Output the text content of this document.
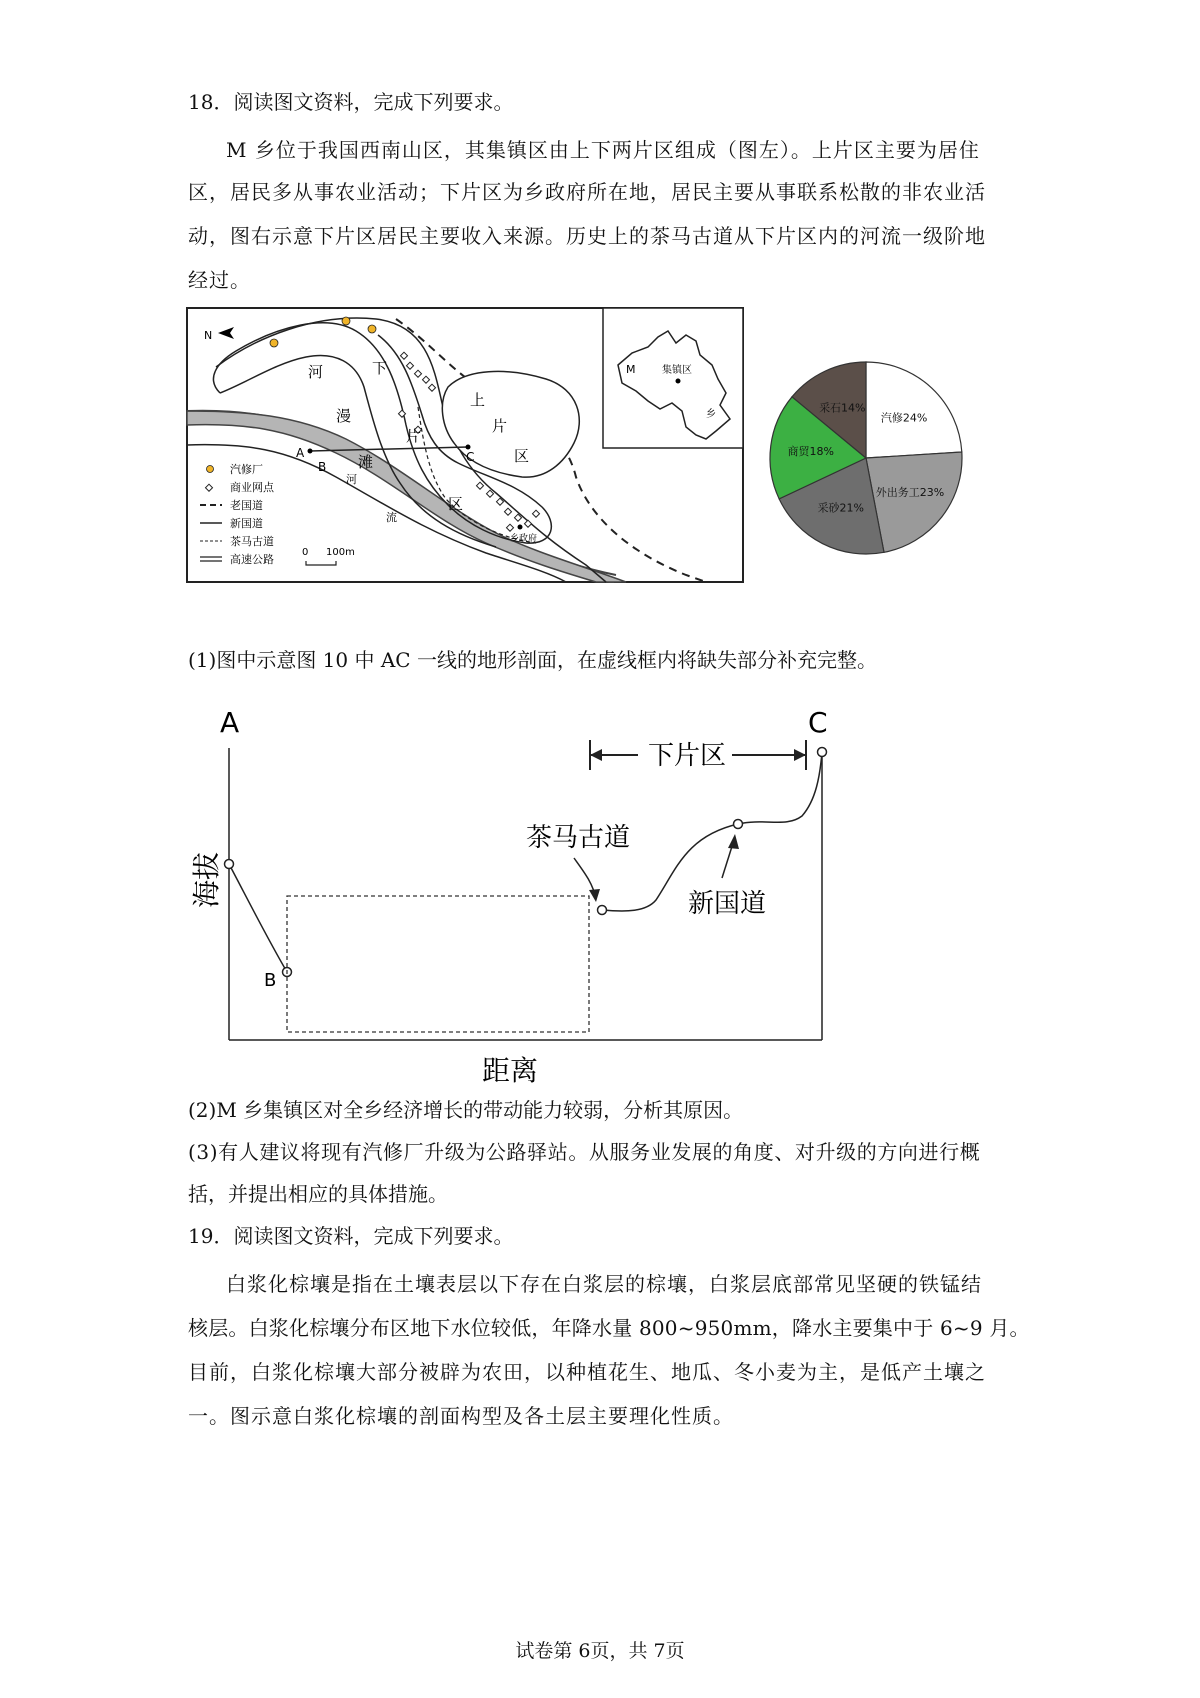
18．阅读图文资料，完成下列要求。
M 乡位于我国西南山区，其集镇区由上下两片区组成（图左）。上片区主要为居住
区，居民多从事农业活动；下片区为乡政府所在地，居民主要从事联系松散的非农业活
动，图右示意下片区居民主要收入来源。历史上的茶马古道从下片区内的河流一级阶地
经过。
M	集镇区
乡
乡政府
N
河
漫
滩
下
片
区
上
片
区
河
流
A
B
C
汽修厂
商业网点
老国道
新国道
茶马古道
高速公路
0 100m
汽修24%
外出务工23%
采砂21%
商贸18%
采石14%
(1)图中示意图 10 中 AC 一线的地形剖面，在虚线框内将缺失部分补充完整。
A	C
海拔
距离
B
下片区
茶马古道
新国道
(2)M 乡集镇区对全乡经济增长的带动能力较弱，分析其原因。
(3)有人建议将现有汽修厂升级为公路驿站。从服务业发展的角度、对升级的方向进行概
括，并提出相应的具体措施。
19．阅读图文资料，完成下列要求。
白浆化棕壤是指在土壤表层以下存在白浆层的棕壤，白浆层底部常见坚硬的铁锰结
核层。白浆化棕壤分布区地下水位较低，年降水量 800~950mm，降水主要集中于 6~9 月。
目前，白浆化棕壤大部分被辟为农田，以种植花生、地瓜、冬小麦为主，是低产土壤之
一。图示意白浆化棕壤的剖面构型及各土层主要理化性质。
试卷第 6页，共 7页
